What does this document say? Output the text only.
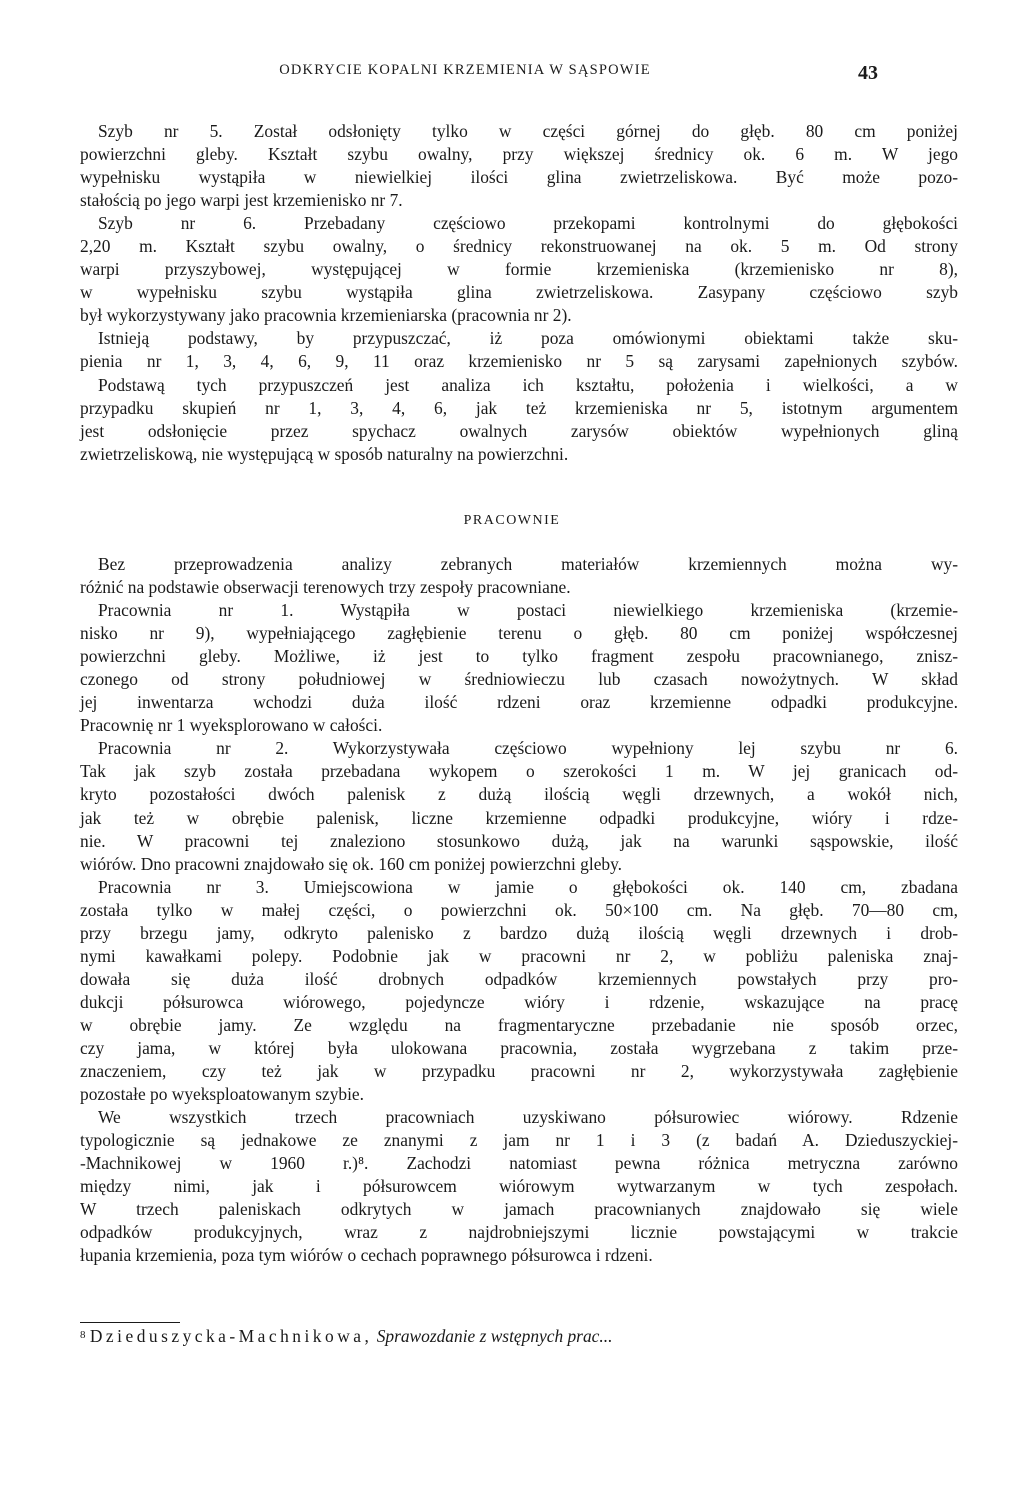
ODKRYCIE KOPALNI KRZEMIENIA W SĄSPOWIE	43
Szyb nr 5. Został odsłonięty tylko w części górnej do głęb. 80 cm poniżej
powierzchni gleby. Kształt szybu owalny, przy większej średnicy ok. 6 m. W jego
wypełnisku wystąpiła w niewielkiej ilości glina zwietrzeliskowa. Być może pozo-
stałością po jego warpi jest krzemienisko nr 7.
Szyb nr 6. Przebadany częściowo przekopami kontrolnymi do głębokości
2,20 m. Kształt szybu owalny, o średnicy rekonstruowanej na ok. 5 m. Od strony
warpi przyszybowej, występującej w formie krzemieniska (krzemienisko nr 8),
w wypełnisku szybu wystąpiła glina zwietrzeliskowa. Zasypany częściowo szyb
był wykorzystywany jako pracownia krzemieniarska (pracownia nr 2).
Istnieją podstawy, by przypuszczać, iż poza omówionymi obiektami także sku-
pienia nr 1, 3, 4, 6, 9, 11 oraz krzemienisko nr 5 są zarysami zapełnionych szybów.
Podstawą tych przypuszczeń jest analiza ich kształtu, położenia i wielkości, a w
przypadku skupień nr 1, 3, 4, 6, jak też krzemieniska nr 5, istotnym argumentem
jest odsłonięcie przez spychacz owalnych zarysów obiektów wypełnionych gliną
zwietrzeliskową, nie występującą w sposób naturalny na powierzchni.
PRACOWNIE
Bez przeprowadzenia analizy zebranych materiałów krzemiennych można wy-
różnić na podstawie obserwacji terenowych trzy zespoły pracowniane.
Pracownia nr 1. Wystąpiła w postaci niewielkiego krzemieniska (krzemie-
nisko nr 9), wypełniającego zagłębienie terenu o głęb. 80 cm poniżej współczesnej
powierzchni gleby. Możliwe, iż jest to tylko fragment zespołu pracownianego, znisz-
czonego od strony południowej w średniowieczu lub czasach nowożytnych. W skład
jej inwentarza wchodzi duża ilość rdzeni oraz krzemienne odpadki produkcyjne.
Pracownię nr 1 wyeksplorowano w całości.
Pracownia nr 2. Wykorzystywała częściowo wypełniony lej szybu nr 6.
Tak jak szyb została przebadana wykopem o szerokości 1 m. W jej granicach od-
kryto pozostałości dwóch palenisk z dużą ilością węgli drzewnych, a wokół nich,
jak też w obrębie palenisk, liczne krzemienne odpadki produkcyjne, wióry i rdze-
nie. W pracowni tej znaleziono stosunkowo dużą, jak na warunki sąspowskie, ilość
wiórów. Dno pracowni znajdowało się ok. 160 cm poniżej powierzchni gleby.
Pracownia nr 3. Umiejscowiona w jamie o głębokości ok. 140 cm, zbadana
została tylko w małej części, o powierzchni ok. 50×100 cm. Na głęb. 70—80 cm,
przy brzegu jamy, odkryto palenisko z bardzo dużą ilością węgli drzewnych i drob-
nymi kawałkami polepy. Podobnie jak w pracowni nr 2, w pobliżu paleniska znaj-
dowała się duża ilość drobnych odpadków krzemiennych powstałych przy pro-
dukcji półsurowca wiórowego, pojedyncze wióry i rdzenie, wskazujące na pracę
w obrębie jamy. Ze względu na fragmentaryczne przebadanie nie sposób orzec,
czy jama, w której była ulokowana pracownia, została wygrzebana z takim prze-
znaczeniem, czy też jak w przypadku pracowni nr 2, wykorzystywała zagłębienie
pozostałe po wyeksploatowanym szybie.
We wszystkich trzech pracowniach uzyskiwano półsurowiec wiórowy. Rdzenie
typologicznie są jednakowe ze znanymi z jam nr 1 i 3 (z badań A. Dzieduszyckiej-
-Machnikowej w 1960 r.)⁸. Zachodzi natomiast pewna różnica metryczna zarówno
między nimi, jak i półsurowcem wiórowym wytwarzanym w tych zespołach.
W trzech paleniskach odkrytych w jamach pracownianych znajdowało się wiele
odpadków produkcyjnych, wraz z najdrobniejszymi licznie powstającymi w trakcie
łupania krzemienia, poza tym wiórów o cechach poprawnego półsurowca i rdzeni.
$^8$ Dzieduszycka-Machnikowa, Sprawozdanie z wstępnych prac...
